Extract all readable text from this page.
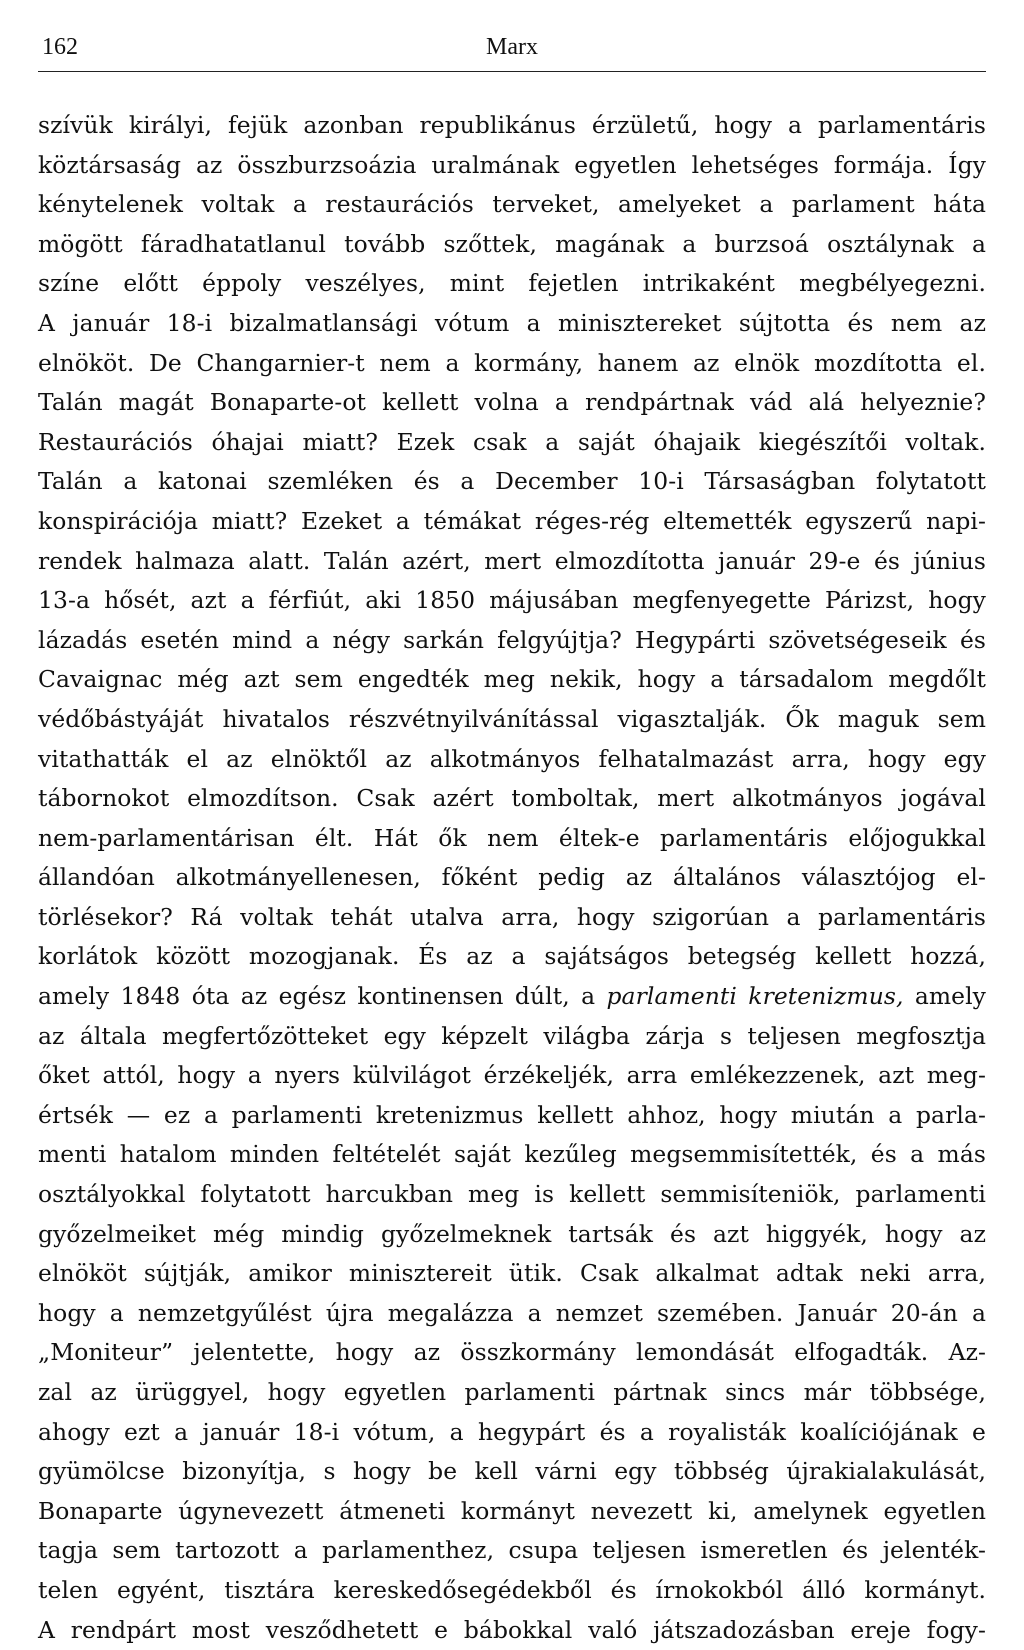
162	Marx
szívük királyi, fejük azonban republikánus érzületű, hogy a parlamentáris
köztársaság az összburzsoázia uralmának egyetlen lehetséges formája. Így
kénytelenek voltak a restaurációs terveket, amelyeket a parlament háta
mögött fáradhatatlanul tovább szőttek, magának a burzsoá osztálynak a
színe előtt éppoly veszélyes, mint fejetlen intrikaként megbélyegezni.
A január 18-i bizalmatlansági vótum a minisztereket sújtotta és nem az
elnököt. De Changarnier-t nem a kormány, hanem az elnök mozdította el.
Talán magát Bonaparte-ot kellett volna a rendpártnak vád alá helyeznie?
Restaurációs óhajai miatt? Ezek csak a saját óhajaik kiegészítői voltak.
Talán a katonai szemléken és a December 10-i Társaságban folytatott
konspirációja miatt? Ezeket a témákat réges-rég eltemették egyszerű napi-
rendek halmaza alatt. Talán azért, mert elmozdította január 29-e és június
13-a hősét, azt a férfiút, aki 1850 májusában megfenyegette Párizst, hogy
lázadás esetén mind a négy sarkán felgyújtja? Hegypárti szövetségeseik és
Cavaignac még azt sem engedték meg nekik, hogy a társadalom megdőlt
védőbástyáját hivatalos részvétnyilvánítással vigasztalják. Ők maguk sem
vitathatták el az elnöktől az alkotmányos felhatalmazást arra, hogy egy
tábornokot elmozdítson. Csak azért tomboltak, mert alkotmányos jogával
nem-parlamentárisan élt. Hát ők nem éltek-e parlamentáris előjogukkal
állandóan alkotmányellenesen, főként pedig az általános választójog el-
törlésekor? Rá voltak tehát utalva arra, hogy szigorúan a parlamentáris
korlátok között mozogjanak. És az a sajátságos betegség kellett hozzá,
amely 1848 óta az egész kontinensen dúlt, a parlamenti kretenizmus, amely
az általa megfertőzötteket egy képzelt világba zárja s teljesen megfosztja
őket attól, hogy a nyers külvilágot érzékeljék, arra emlékezzenek, azt meg-
értsék — ez a parlamenti kretenizmus kellett ahhoz, hogy miután a parla-
menti hatalom minden feltételét saját kezűleg megsemmisítették, és a más
osztályokkal folytatott harcukban meg is kellett semmisíteniök, parlamenti
győzelmeiket még mindig győzelmeknek tartsák és azt higgyék, hogy az
elnököt sújtják, amikor minisztereit ütik. Csak alkalmat adtak neki arra,
hogy a nemzetgyűlést újra megalázza a nemzet szemében. Január 20-án a
„Moniteur” jelentette, hogy az összkormány lemondását elfogadták. Az-
zal az ürüggyel, hogy egyetlen parlamenti pártnak sincs már többsége,
ahogy ezt a január 18-i vótum, a hegypárt és a royalisták koalíciójának e
gyümölcse bizonyítja, s hogy be kell várni egy többség újrakialakulását,
Bonaparte úgynevezett átmeneti kormányt nevezett ki, amelynek egyetlen
tagja sem tartozott a parlamenthez, csupa teljesen ismeretlen és jelenték-
telen egyént, tisztára kereskedősegédekből és írnokokból álló kormányt.
A rendpárt most vesződhetett e bábokkal való játszadozásban ereje fogy-
